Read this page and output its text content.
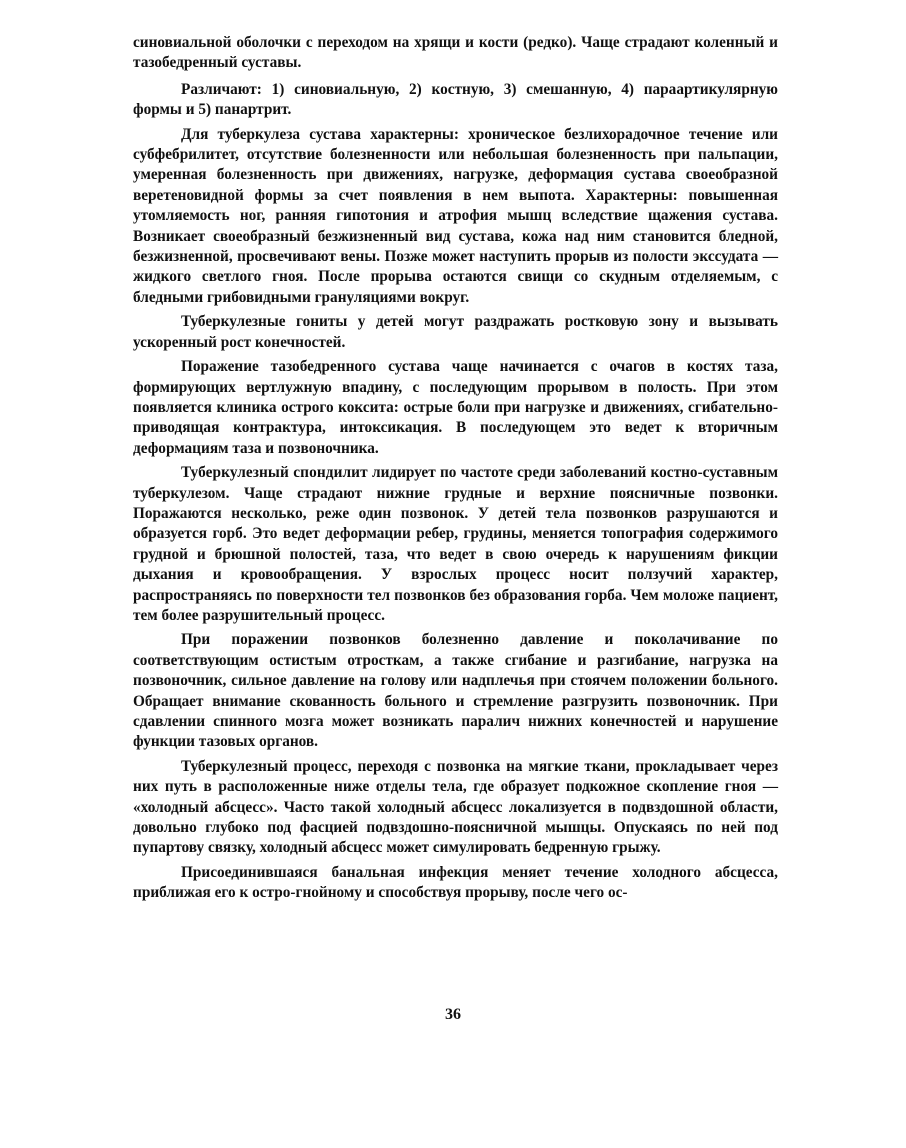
синовиальной оболочки с переходом на хрящи и кости (редко). Чаще страдают коленный и тазобедренный суставы.

Различают: 1) синовиальную, 2) костную, 3) смешанную, 4) параартикулярную формы и 5) панартрит.

Для туберкулеза сустава характерны: хроническое безлихорадочное течение или субфебрилитет, отсутствие болезненности или небольшая болезненность при пальпации, умеренная болезненность при движениях, нагрузке, деформация сустава своеобразной веретеновидной формы за счет появления в нем выпота. Характерны: повышенная утомляемость ног, ранняя гипотония и атрофия мышц вследствие щажения сустава. Возникает своеобразный безжизненный вид сустава, кожа над ним становится бледной, безжизненной, просвечивают вены. Позже может наступить прорыв из полости экссудата — жидкого светлого гноя. После прорыва остаются свищи со скудным отделяемым, с бледными грибовидными грануляциями вокруг.

Туберкулезные гониты у детей могут раздражать ростковую зону и вызывать ускоренный рост конечностей.

Поражение тазобедренного сустава чаще начинается с очагов в костях таза, формирующих вертлужную впадину, с последующим прорывом в полость. При этом появляется клиника острого коксита: острые боли при нагрузке и движениях, сгибательно-приводящая контрактура, интоксикация. В последующем это ведет к вторичным деформациям таза и позвоночника.

Туберкулезный спондилит лидирует по частоте среди заболеваний костно-суставным туберкулезом. Чаще страдают нижние грудные и верхние поясничные позвонки. Поражаются несколько, реже один позвонок. У детей тела позвонков разрушаются и образуется горб. Это ведет деформации ребер, грудины, меняется топография содержимого грудной и брюшной полостей, таза, что ведет в свою очередь к нарушениям фикции дыхания и кровообращения. У взрослых процесс носит ползучий характер, распространяясь по поверхности тел позвонков без образования горба. Чем моложе пациент, тем более разрушительный процесс.

При поражении позвонков болезненно давление и поколачивание по соответствующим остистым отросткам, а также сгибание и разгибание, нагрузка на позвоночник, сильное давление на голову или надплечья при стоячем положении больного. Обращает внимание скованность больного и стремление разгрузить позвоночник. При сдавлении спинного мозга может возникать паралич нижних конечностей и нарушение функции тазовых органов.

Туберкулезный процесс, переходя с позвонка на мягкие ткани, прокладывает через них путь в расположенные ниже отделы тела, где образует подкожное скопление гноя — «холодный абсцесс». Часто такой холодный абсцесс локализуется в подвздошной области, довольно глубоко под фасцией подвздошно-поясничной мышцы. Опускаясь по ней под пупартову связку, холодный абсцесс может симулировать бедренную грыжу.

Присоединившаяся банальная инфекция меняет течение холодного абсцесса, приближая его к остро-гнойному и способствуя прорыву, после чего ос-

36
